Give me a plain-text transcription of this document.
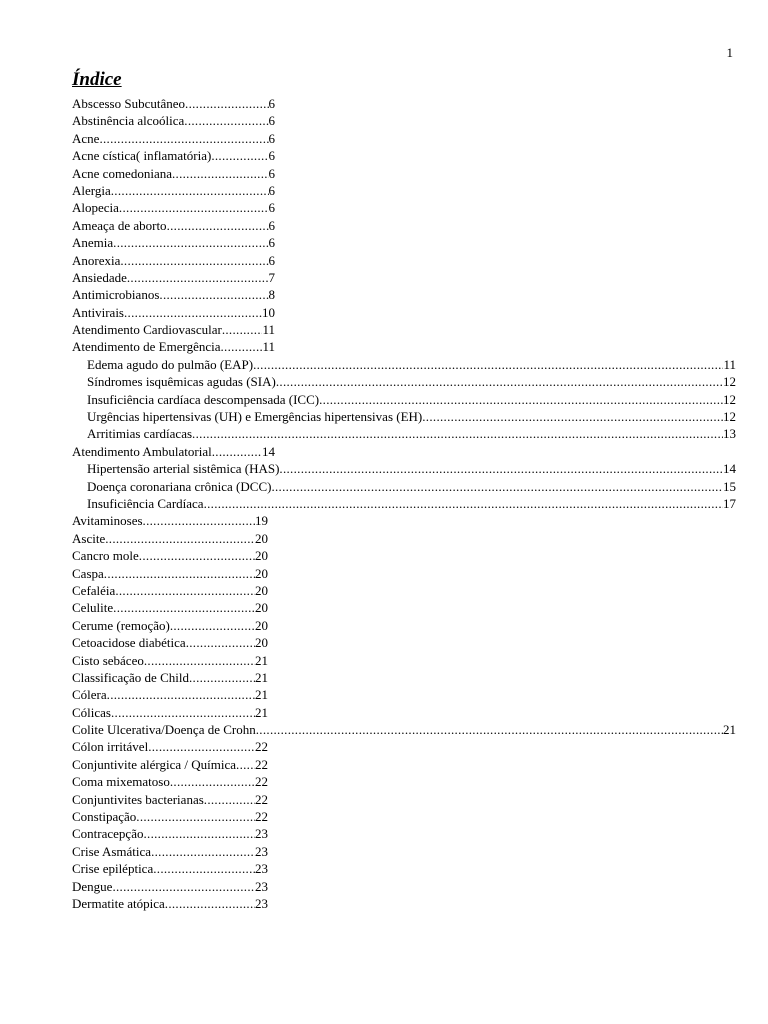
1
Índice
Abscesso Subcutâneo .....	6
Abstinência alcoólica .....	6
Acne .....	6
Acne cística( inflamatória) .....	6
Acne comedoniana .....	6
Alergia .....	6
Alopecia .....	6
Ameaça de aborto .....	6
Anemia .....	6
Anorexia .....	6
Ansiedade .....	7
Antimicrobianos .....	8
Antivirais .....	10
Atendimento Cardiovascular .....	11
Atendimento de Emergência .....	11
Edema agudo do pulmão (EAP) .....	11
Síndromes isquêmicas agudas (SIA) .....	12
Insuficiência cardíaca descompensada (ICC) .....	12
Urgências hipertensivas (UH) e Emergências hipertensivas (EH) .....	12
Arritimias cardíacas .....	13
Atendimento Ambulatorial .....	14
Hipertensão arterial sistêmica (HAS) .....	14
Doença coronariana crônica (DCC) .....	15
Insuficiência Cardíaca .....	17
Avitaminoses .....	19
Ascite .....	20
Cancro mole .....	20
Caspa .....	20
Cefaléia .....	20
Celulite .....	20
Cerume (remoção) .....	20
Cetoacidose diabética .....	20
Cisto sebáceo .....	21
Classificação de Child .....	21
Cólera .....	21
Cólicas .....	21
Colite Ulcerativa/Doença de Crohn .....	21
Cólon irritável .....	22
Conjuntivite alérgica / Química ..... 22
Coma mixematoso .....	22
Conjuntivites bacterianas .....	22
Constipação .....	22
Contracepção .....	23
Crise Asmática .....	23
Crise epiléptica .....	23
Dengue .....	23
Dermatite atópica .....	23
